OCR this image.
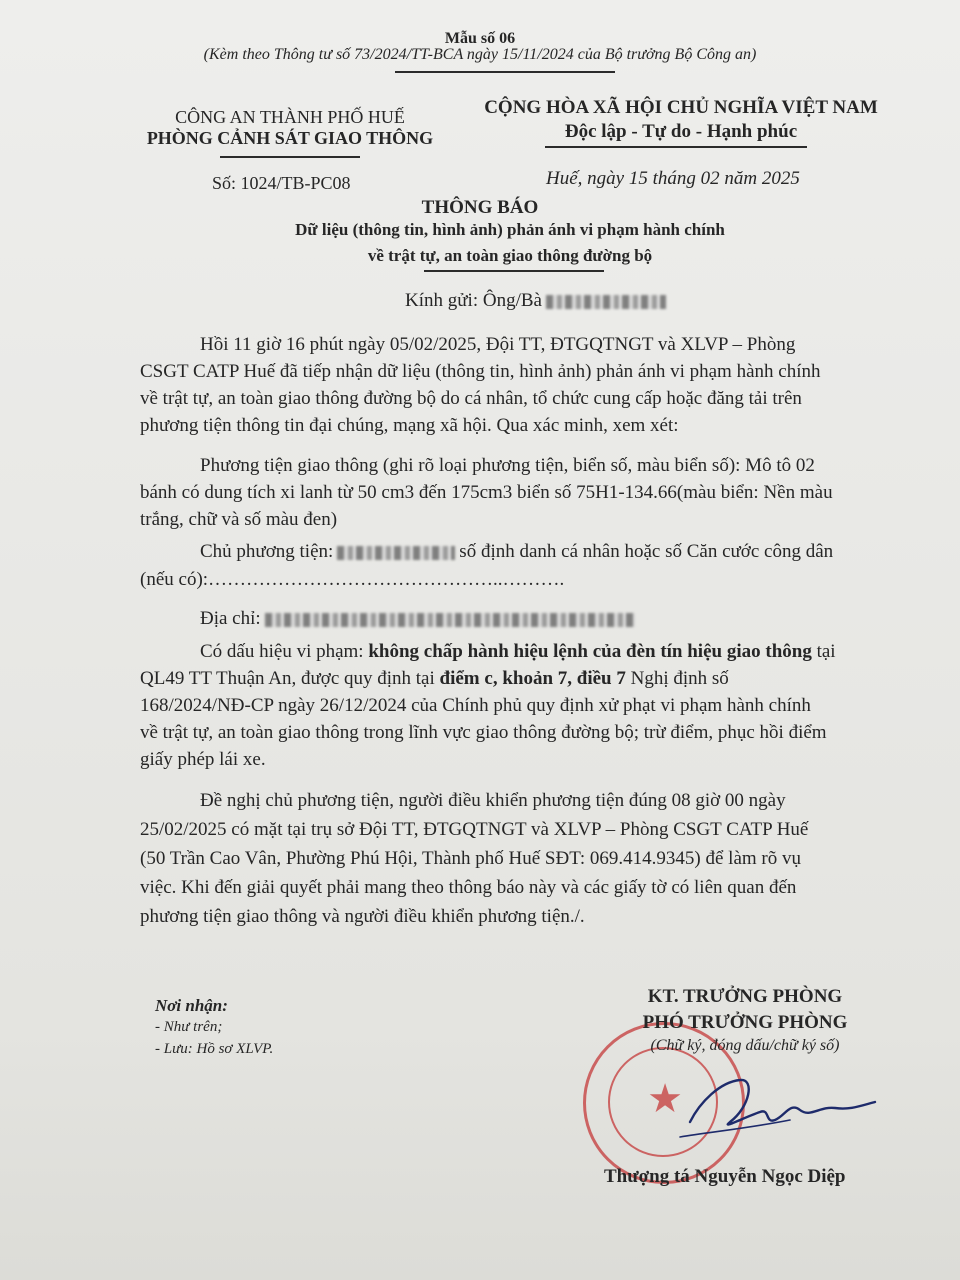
Mẫu số 06
(Kèm theo Thông tư số 73/2024/TT-BCA ngày 15/11/2024 của Bộ trưởng Bộ Công an)
CÔNG AN THÀNH PHỐ HUẾ
PHÒNG CẢNH SÁT GIAO THÔNG
Số: 1024/TB-PC08
CỘNG HÒA XÃ HỘI CHỦ NGHĨA VIỆT NAM
Độc lập - Tự do - Hạnh phúc
Huế, ngày 15 tháng 02 năm 2025
THÔNG BÁO
Dữ liệu (thông tin, hình ảnh) phản ánh vi phạm hành chính
về trật tự, an toàn giao thông đường bộ
Kính gửi: Ông/Bà
Hồi 11 giờ 16 phút ngày 05/02/2025, Đội TT, ĐTGQTNGT và XLVP – Phòng
CSGT CATP Huế đã tiếp nhận dữ liệu (thông tin, hình ảnh) phản ánh vi phạm hành chính
về trật tự, an toàn giao thông đường bộ do cá nhân, tổ chức cung cấp hoặc đăng tải trên
phương tiện thông tin đại chúng, mạng xã hội. Qua xác minh, xem xét:
Phương tiện giao thông (ghi rõ loại phương tiện, biển số, màu biển số): Mô tô 02
bánh có dung tích xi lanh từ 50 cm3 đến 175cm3 biển số 75H1-134.66(màu biển: Nền màu
trắng, chữ và số màu đen)
Chủ phương tiện:	số định danh cá nhân hoặc số Căn cước công dân
(nếu có):………………………………………..……….
Địa chỉ:
Có dấu hiệu vi phạm: không chấp hành hiệu lệnh của đèn tín hiệu giao thông tại
QL49 TT Thuận An, được quy định tại điểm c, khoản 7, điều 7 Nghị định số
168/2024/NĐ-CP ngày 26/12/2024 của Chính phủ quy định xử phạt vi phạm hành chính
về trật tự, an toàn giao thông trong lĩnh vực giao thông đường bộ; trừ điểm, phục hồi điểm
giấy phép lái xe.
Đề nghị chủ phương tiện, người điều khiển phương tiện đúng 08 giờ 00 ngày
25/02/2025 có mặt tại trụ sở Đội TT, ĐTGQTNGT và XLVP – Phòng CSGT CATP Huế
(50 Trần Cao Vân, Phường Phú Hội, Thành phố Huế SĐT: 069.414.9345) để làm rõ vụ
việc. Khi đến giải quyết phải mang theo thông báo này và các giấy tờ có liên quan đến
phương tiện giao thông và người điều khiển phương tiện./.
Nơi nhận:
- Như trên;
- Lưu: Hồ sơ XLVP.
★
KT. TRƯỞNG PHÒNG
PHÓ TRƯỞNG PHÒNG
(Chữ ký, đóng dấu/chữ ký số)
Thượng tá Nguyễn Ngọc Diệp
